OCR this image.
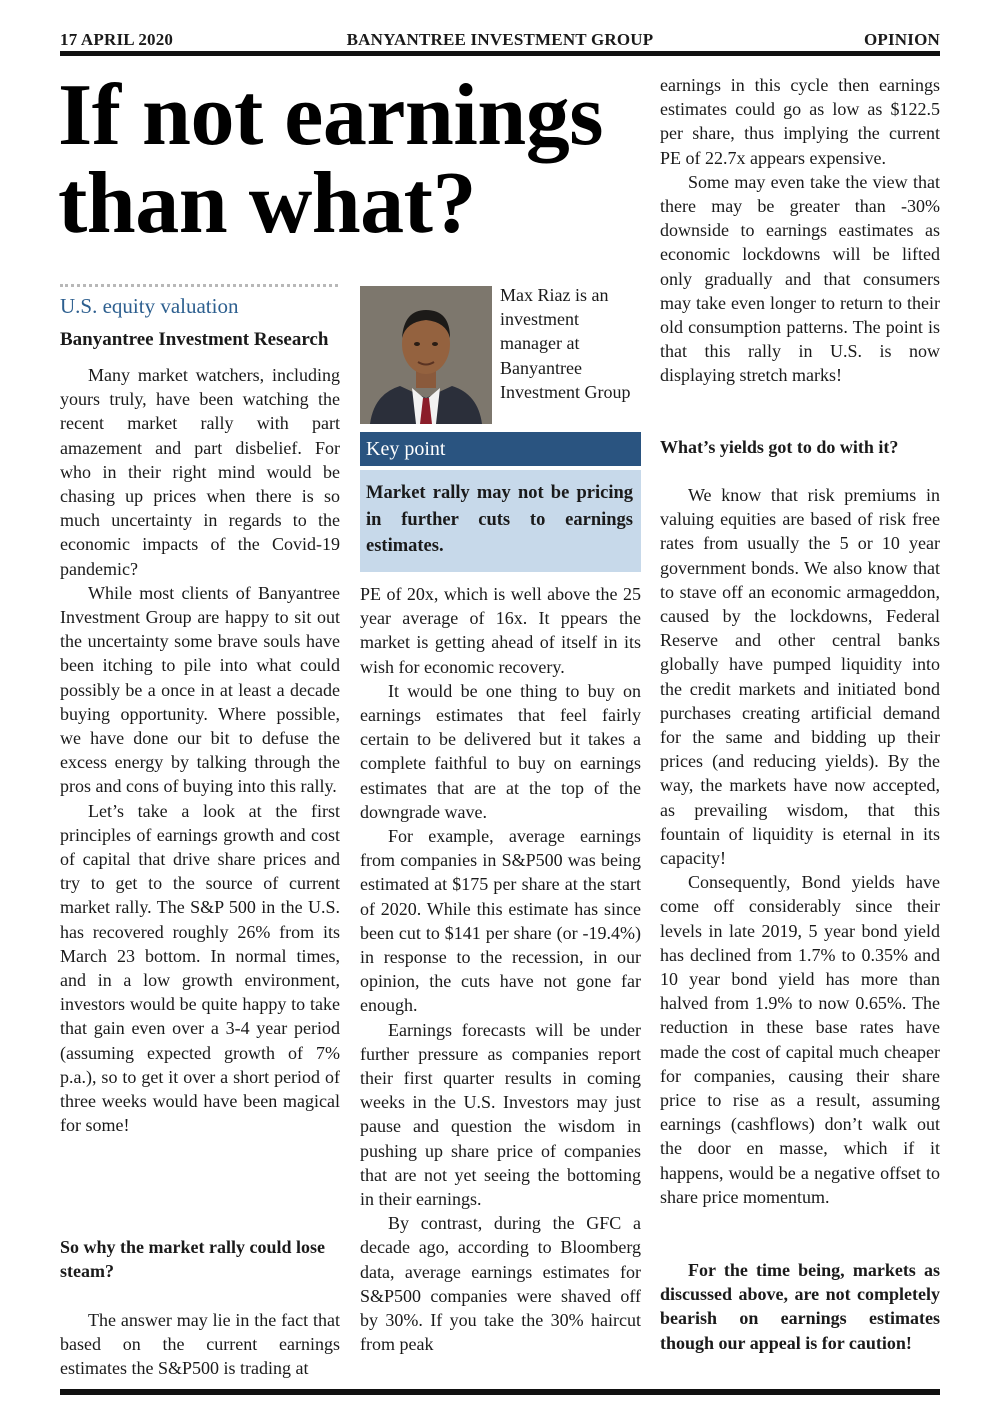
BANYANTREE INVESTMENT GROUP
17 APRIL 2020	OPINION
If not earnings
than what?
U.S. equity valuation
Banyantree Investment Research

Many market watchers, including yours truly, have been watching the recent market rally with part amazement and part disbelief. For who in their right mind would be chasing up prices when there is so much uncertainty in regards to the economic impacts of the Covid-19 pandemic?

While most clients of Banyantree Investment Group are happy to sit out the uncertainty some brave souls have been itching to pile into what could possibly be a once in at least a decade buying opportunity. Where possible, we have done our bit to defuse the excess energy by talking through the pros and cons of buying into this rally.

Let’s take a look at the first principles of earnings growth and cost of capital that drive share prices and try to get to the source of current market rally. The S&P 500 in the U.S. has recovered roughly 26% from its March 23 bottom. In normal times, and in a low growth environment, investors would be quite happy to take that gain even over a 3-4 year period (assuming expected growth of 7% p.a.), so to get it over a short period of three weeks would have been magical for some!

So why the market rally could lose steam?

The answer may lie in the fact that based on the current earnings estimates the S&P500 is trading at

Max Riaz is an investment manager at Banyantree Investment Group
Key point
Market rally may not be pricing in further cuts to earnings estimates.

PE of 20x, which is well above the 25 year average of 16x. It ppears the market is getting ahead of itself in its wish for economic recovery.

It would be one thing to buy on earnings estimates that feel fairly certain to be delivered but it takes a complete faithful to buy on earnings estimates that are at the top of the downgrade wave.

For example, average earnings from companies in S&P500 was being estimated at $175 per share at the start of 2020. While this estimate has since been cut to $141 per share (or -19.4%) in response to the recession, in our opinion, the cuts have not gone far enough.

Earnings forecasts will be under further pressure as companies report their first quarter results in coming weeks in the U.S. Investors may just pause and question the wisdom in pushing up share price of companies that are not yet seeing the bottoming in their earnings.

By contrast, during the GFC a decade ago, according to Bloomberg data, average earnings estimates for S&P500 companies were shaved off by 30%. If you take the 30% haircut from peak

earnings in this cycle then earnings estimates could go as low as $122.5 per share, thus implying the current PE of 22.7x appears expensive.

Some may even take the view that there may be greater than -30% downside to earnings eastimates as economic lockdowns will be lifted only gradually and that consumers may take even longer to return to their old consumption patterns. The point is that this rally in U.S. is now displaying stretch marks!

What’s yields got to do with it?

We know that risk premiums in valuing equities are based of risk free rates from usually the 5 or 10 year government bonds. We also know that to stave off an economic armageddon, caused by the lockdowns, Federal Reserve and other central banks globally have pumped liquidity into the credit markets and initiated bond purchases creating artificial demand for the same and bidding up their prices (and reducing yields). By the way, the markets have now accepted, as prevailing wisdom, that this fountain of liquidity is eternal in its capacity!

Consequently, Bond yields have come off considerably since their levels in late 2019, 5 year bond yield has declined from 1.7% to 0.35% and 10 year bond yield has more than halved from 1.9% to now 0.65%. The reduction in these base rates have made the cost of capital much cheaper for companies, causing their share price to rise as a result, assuming earnings (cashflows) don’t walk out the door en masse, which if it happens, would be a negative offset to share price momentum.

For the time being, markets as discussed above, are not completely bearish on earnings estimates though our appeal is for caution!
